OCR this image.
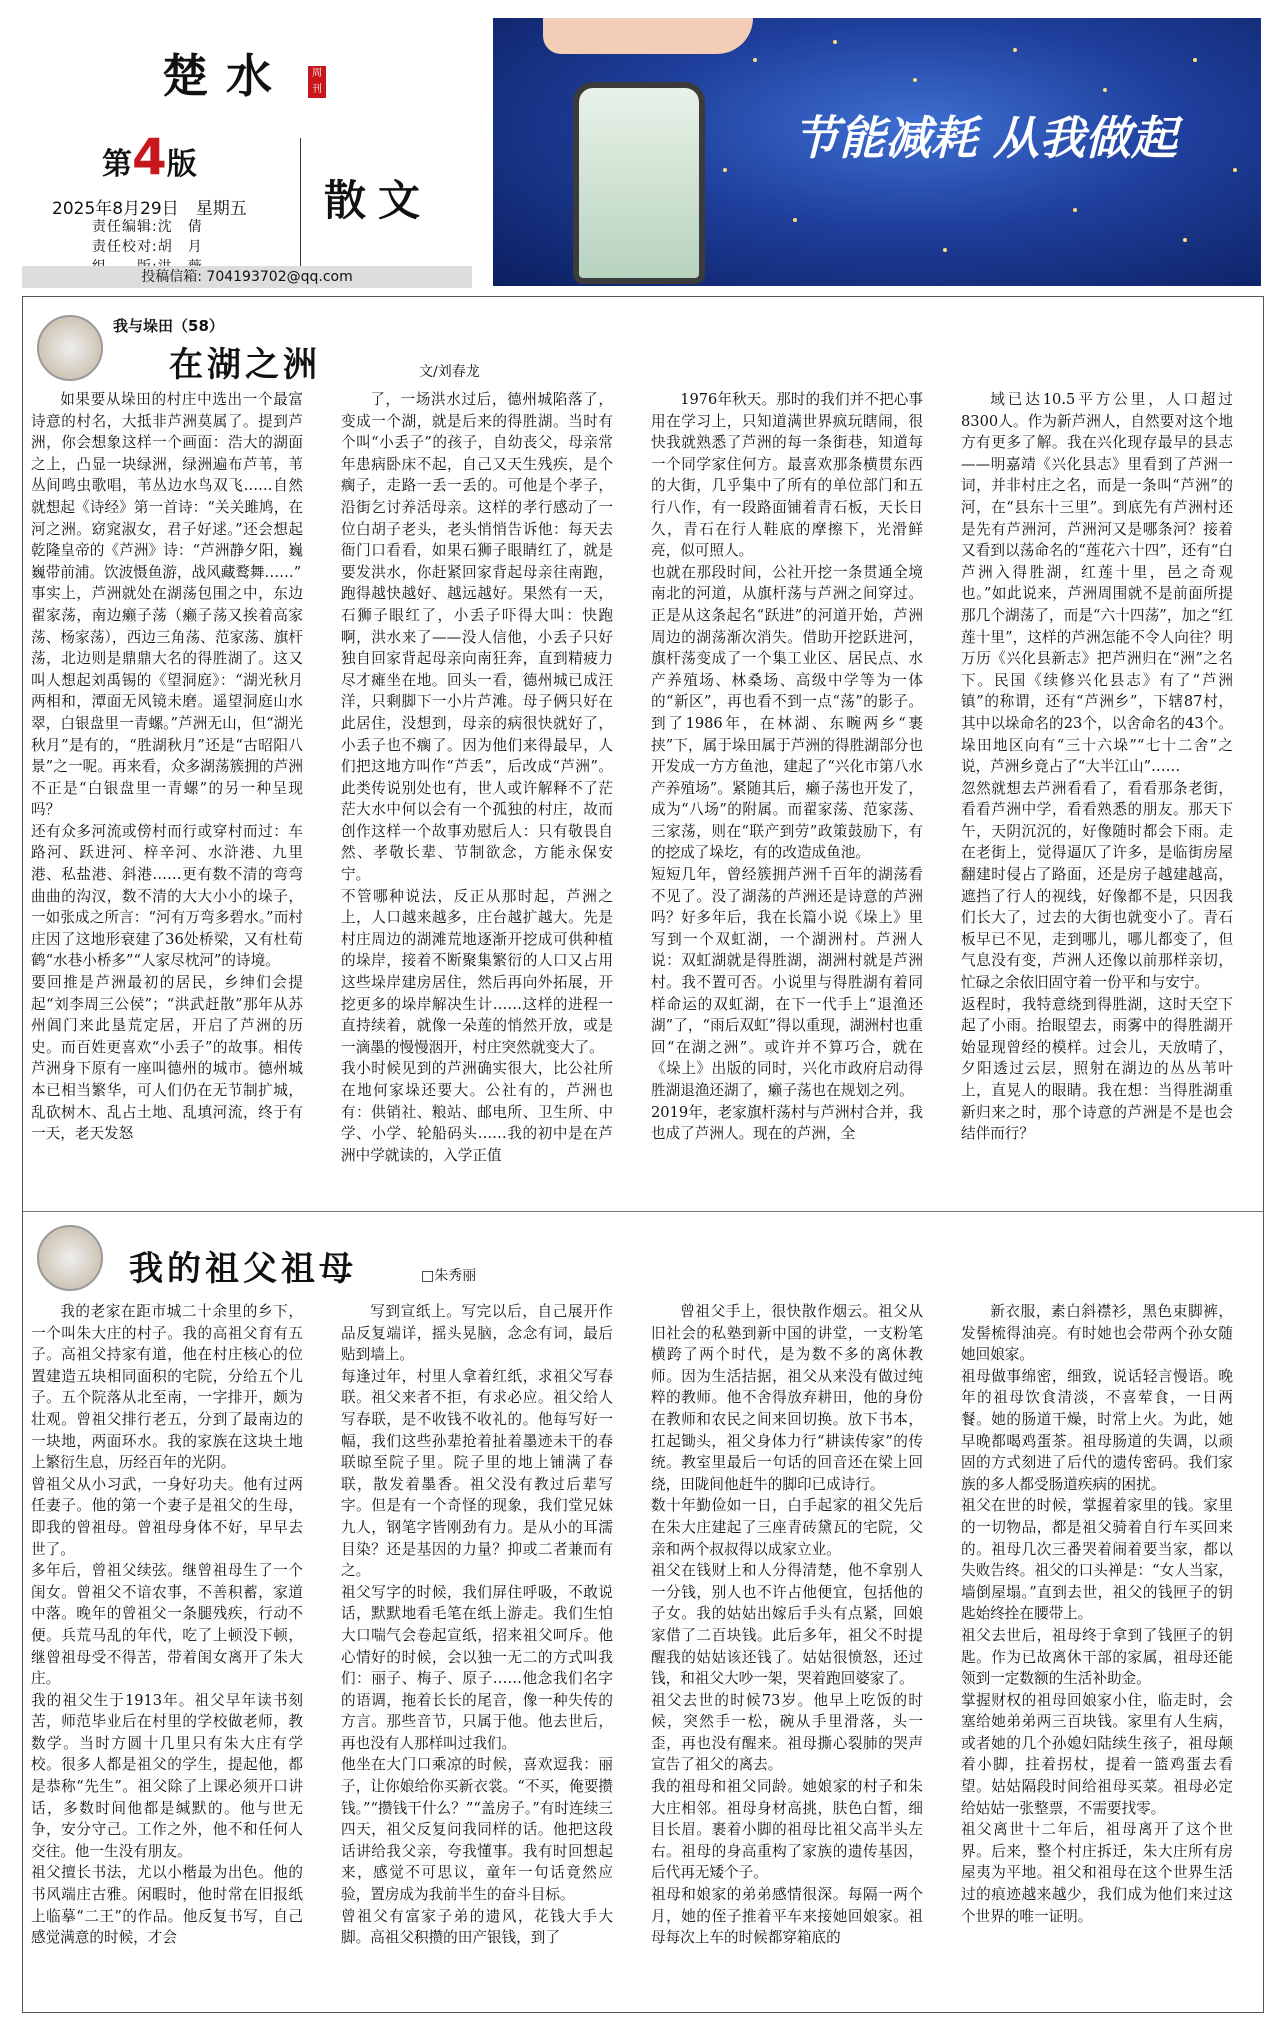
楚水	周刊
第4版
2025年8月29日　星期五
责任编辑:沈　倩
责任校对:胡　月
散文
投稿信箱: 704193702@qq.com
节能减耗 从我做起
我与垛田（58）
在湖之洲	文/刘春龙

如果要从垛田的村庄中选出一个最富诗意的村名，大抵非芦洲莫属了。提到芦洲，你会想象这样一个画面：浩大的湖面之上，凸显一块绿洲，绿洲遍布芦苇，苇丛间鸣虫歌唱，苇丛边水鸟双飞……自然就想起《诗经》第一首诗：“关关雎鸠，在河之洲。窈窕淑女，君子好逑。”还会想起乾隆皇帝的《芦洲》诗：“芦洲静夕阳，巍巍带前浦。饮波慑鱼游，战风藏鹜舞……”
事实上，芦洲就处在湖荡包围之中，东边翟家荡，南边癞子荡（癞子荡又挨着高家荡、杨家荡），西边三角荡、范家荡、旗杆荡，北边则是鼎鼎大名的得胜湖了。这又叫人想起刘禹锡的《望洞庭》：“湖光秋月两相和，潭面无风镜未磨。遥望洞庭山水翠，白银盘里一青螺。”芦洲无山，但“湖光秋月”是有的，“胜湖秋月”还是“古昭阳八景”之一呢。再来看，众多湖荡簇拥的芦洲不正是“白银盘里一青螺”的另一种呈现吗？
还有众多河流或傍村而行或穿村而过：车路河、跃进河、梓辛河、水浒港、九里港、私盐港、斜港……更有数不清的弯弯曲曲的沟汊，数不清的大大小小的垛子，一如张成之所言：“河有万弯多碧水。”而村庄因了这地形衰建了36处桥梁，又有杜荀鹤“水巷小桥多”“人家尽枕河”的诗境。
要回推是芦洲最初的居民，乡绅们会提起“刘李周三公侯”；“洪武赶散”那年从苏州阊门来此垦荒定居，开启了芦洲的历史。而百姓更喜欢“小丢子”的故事。相传芦洲身下原有一座叫德州的城市。德州城本已相当繁华，可人们仍在无节制扩城，乱砍树木、乱占土地、乱填河流，终于有一天，老天发怒

了，一场洪水过后，德州城陷落了，变成一个湖，就是后来的得胜湖。当时有个叫“小丢子”的孩子，自幼丧父，母亲常年患病卧床不起，自己又天生残疾，是个瘸子，走路一丢一丢的。可他是个孝子，沿街乞讨养活母亲。这样的孝行感动了一位白胡子老头，老头悄悄告诉他：每天去衙门口看看，如果石狮子眼睛红了，就是要发洪水，你赶紧回家背起母亲往南跑，跑得越快越好、越远越好。果然有一天，石狮子眼红了，小丢子吓得大叫：快跑啊，洪水来了——没人信他，小丢子只好独自回家背起母亲向南狂奔，直到精疲力尽才瘫坐在地。回头一看，德州城已成汪洋，只剩脚下一小片芦滩。母子俩只好在此居住，没想到，母亲的病很快就好了，小丢子也不瘸了。因为他们来得最早，人们把这地方叫作“芦丢”，后改成“芦洲”。此类传说别处也有，世人或许解释不了茫茫大水中何以会有一个孤独的村庄，故而创作这样一个故事劝慰后人：只有敬畏自然、孝敬长辈、节制欲念，方能永保安宁。
不管哪种说法，反正从那时起，芦洲之上，人口越来越多，庄台越扩越大。先是村庄周边的湖滩荒地逐渐开挖成可供种植的垛岸，接着不断聚集繁衍的人口又占用这些垛岸建房居住，然后再向外拓展，开挖更多的垛岸解决生计……这样的进程一直持续着，就像一朵莲的悄然开放，或是一滴墨的慢慢洇开，村庄突然就变大了。
我小时候见到的芦洲确实很大，比公社所在地何家垛还要大。公社有的，芦洲也有：供销社、粮站、邮电所、卫生所、中学、小学、轮船码头……我的初中是在芦洲中学就读的，入学正值

1976年秋天。那时的我们并不把心事用在学习上，只知道满世界疯玩瞎闹，很快我就熟悉了芦洲的每一条街巷，知道每一个同学家住何方。最喜欢那条横贯东西的大街，几乎集中了所有的单位部门和五行八作，有一段路面铺着青石板，天长日久，青石在行人鞋底的摩擦下，光滑鲜亮，似可照人。
也就在那段时间，公社开挖一条贯通全境南北的河道，从旗杆荡与芦洲之间穿过。正是从这条起名“跃进”的河道开始，芦洲周边的湖荡渐次消失。借助开挖跃进河，旗杆荡变成了一个集工业区、居民点、水产养殖场、林桑场、高级中学等为一体的“新区”，再也看不到一点“荡”的影子。到了1986年，在林湖、东畹两乡“裹挟”下，属于垛田属于芦洲的得胜湖部分也开发成一方方鱼池，建起了“兴化市第八水产养殖场”。紧随其后，癞子荡也开发了，成为“八场”的附属。而翟家荡、范家荡、三家荡，则在“联产到劳”政策鼓励下，有的挖成了垛圪，有的改造成鱼池。
短短几年，曾经簇拥芦洲千百年的湖荡看不见了。没了湖荡的芦洲还是诗意的芦洲吗？好多年后，我在长篇小说《垛上》里写到一个双虹湖，一个湖洲村。芦洲人说：双虹湖就是得胜湖，湖洲村就是芦洲村。我不置可否。小说里与得胜湖有着同样命运的双虹湖，在下一代手上“退渔还湖”了，“雨后双虹”得以重现，湖洲村也重回“在湖之洲”。或许并不算巧合，就在《垛上》出版的同时，兴化市政府启动得胜湖退渔还湖了，癞子荡也在规划之列。
2019年，老家旗杆荡村与芦洲村合并，我也成了芦洲人。现在的芦洲，全

域已达10.5平方公里，人口超过8300人。作为新芦洲人，自然要对这个地方有更多了解。我在兴化现存最早的县志——明嘉靖《兴化县志》里看到了芦洲一词，并非村庄之名，而是一条叫“芦洲”的河，在“县东十三里”。到底先有芦洲村还是先有芦洲河，芦洲河又是哪条河？接着又看到以荡命名的“莲花六十四”，还有“白芦洲入得胜湖，红莲十里，邑之奇观也。”如此说来，芦洲周围就不是前面所提那几个湖荡了，而是“六十四荡”，加之“红莲十里”，这样的芦洲怎能不令人向往？明万历《兴化县新志》把芦洲归在“洲”之名下。民国《续修兴化县志》有了“芦洲镇”的称谓，还有“芦洲乡”，下辖87村，其中以垛命名的23个，以舍命名的43个。垛田地区向有“三十六垛”“七十二舍”之说，芦洲乡竟占了“大半江山”……
忽然就想去芦洲看看了，看看那条老街，看看芦洲中学，看看熟悉的朋友。那天下午，天阴沉沉的，好像随时都会下雨。走在老街上，觉得逼仄了许多，是临街房屋翻建时侵占了路面，还是房子越建越高，遮挡了行人的视线，好像都不是，只因我们长大了，过去的大街也就变小了。青石板早已不见，走到哪儿，哪儿都变了，但气息没有变，芦洲人还像以前那样亲切，忙碌之余依旧固守着一份平和与安宁。
返程时，我特意绕到得胜湖，这时天空下起了小雨。抬眼望去，雨雾中的得胜湖开始显现曾经的模样。过会儿，天放晴了，夕阳透过云层，照射在湖边的丛丛苇叶上，直晃人的眼睛。我在想：当得胜湖重新归来之时，那个诗意的芦洲是不是也会结伴而行？

我的祖父祖母	□朱秀丽

我的老家在距市城二十余里的乡下，一个叫朱大庄的村子。我的高祖父育有五子。高祖父持家有道，他在村庄核心的位置建造五块相同面积的宅院，分给五个儿子。五个院落从北至南，一字排开，颇为壮观。曾祖父排行老五，分到了最南边的一块地，两面环水。我的家族在这块土地上繁衍生息，历经百年的光阴。
曾祖父从小习武，一身好功夫。他有过两任妻子。他的第一个妻子是祖父的生母，即我的曾祖母。曾祖母身体不好，早早去世了。
多年后，曾祖父续弦。继曾祖母生了一个闺女。曾祖父不谙农事，不善积蓄，家道中落。晚年的曾祖父一条腿残疾，行动不便。兵荒马乱的年代，吃了上顿没下顿，继曾祖母受不得苦，带着闺女离开了朱大庄。
我的祖父生于1913年。祖父早年读书刻苦，师范毕业后在村里的学校做老师，教数学。当时方圆十几里只有朱大庄有学校。很多人都是祖父的学生，提起他，都是恭称“先生”。祖父除了上课必须开口讲话，多数时间他都是缄默的。他与世无争，安分守己。工作之外，他不和任何人交往。他一生没有朋友。
祖父擅长书法，尤以小楷最为出色。他的书风端庄古雅。闲暇时，他时常在旧报纸上临摹“二王”的作品。他反复书写，自己感觉满意的时候，才会

写到宣纸上。写完以后，自己展开作品反复端详，摇头晃脑，念念有词，最后贴到墙上。
每逢过年，村里人拿着红纸，求祖父写春联。祖父来者不拒，有求必应。祖父给人写春联，是不收钱不收礼的。他每写好一幅，我们这些孙辈抢着扯着墨迹未干的春联晾至院子里。院子里的地上铺满了春联，散发着墨香。祖父没有教过后辈写字。但是有一个奇怪的现象，我们堂兄妹九人，钢笔字皆刚劲有力。是从小的耳濡目染？还是基因的力量？抑或二者兼而有之。
祖父写字的时候，我们屏住呼吸，不敢说话，默默地看毛笔在纸上游走。我们生怕大口喘气会卷起宣纸，招来祖父呵斥。他心情好的时候，会以独一无二的方式叫我们：丽子、梅子、原子……他念我们名字的语调，拖着长长的尾音，像一种失传的方言。那些音节，只属于他。他去世后，再也没有人那样叫过我们。
他坐在大门口乘凉的时候，喜欢逗我：丽子，让你娘给你买新衣裳。“不买，俺要攒钱。”“攒钱干什么？”“盖房子。”有时连续三四天，祖父反复问我同样的话。他把这段话讲给我父亲，夸我懂事。我有时回想起来，感觉不可思议，童年一句话竟然应验，置房成为我前半生的奋斗目标。
曾祖父有富家子弟的遗风，花钱大手大脚。高祖父积攒的田产银钱，到了

曾祖父手上，很快散作烟云。祖父从旧社会的私塾到新中国的讲堂，一支粉笔横跨了两个时代，是为数不多的离休教师。因为生活拮据，祖父从来没有做过纯粹的教师。他不舍得放弃耕田，他的身份在教师和农民之间来回切换。放下书本，扛起锄头，祖父身体力行“耕读传家”的传统。教室里最后一句话的回音还在梁上回绕，田陇间他赶牛的脚印已成诗行。
数十年勤俭如一日，白手起家的祖父先后在朱大庄建起了三座青砖黛瓦的宅院，父亲和两个叔叔得以成家立业。
祖父在钱财上和人分得清楚，他不拿别人一分钱，别人也不许占他便宜，包括他的子女。我的姑姑出嫁后手头有点紧，回娘家借了二百块钱。此后多年，祖父不时提醒我的姑姑该还钱了。姑姑很愤怒，还过钱，和祖父大吵一架，哭着跑回婆家了。
祖父去世的时候73岁。他早上吃饭的时候，突然手一松，碗从手里滑落，头一歪，再也没有醒来。祖母撕心裂肺的哭声宣告了祖父的离去。
我的祖母和祖父同龄。她娘家的村子和朱大庄相邻。祖母身材高挑，肤色白皙，细目长眉。裹着小脚的祖母比祖父高半头左右。祖母的身高重构了家族的遗传基因，后代再无矮个子。
祖母和娘家的弟弟感情很深。每隔一两个月，她的侄子推着平车来接她回娘家。祖母每次上车的时候都穿箱底的

新衣服，素白斜襟衫，黑色束脚裤，发髻梳得油亮。有时她也会带两个孙女随她回娘家。
祖母做事绵密，细致，说话轻言慢语。晚年的祖母饮食清淡，不喜荤食，一日两餐。她的肠道干燥，时常上火。为此，她早晚都喝鸡蛋茶。祖母肠道的失调，以顽固的方式刻进了后代的遗传密码。我们家族的多人都受肠道疾病的困扰。
祖父在世的时候，掌握着家里的钱。家里的一切物品，都是祖父骑着自行车买回来的。祖母几次三番哭着闹着要当家，都以失败告终。祖父的口头禅是：“女人当家，墙倒屋塌。”直到去世，祖父的钱匣子的钥匙始终拴在腰带上。
祖父去世后，祖母终于拿到了钱匣子的钥匙。作为已故离休干部的家属，祖母还能领到一定数额的生活补助金。
掌握财权的祖母回娘家小住，临走时，会塞给她弟弟两三百块钱。家里有人生病，或者她的几个孙媳妇陆续生孩子，祖母颠着小脚，拄着拐杖，提着一篮鸡蛋去看望。姑姑隔段时间给祖母买菜。祖母必定给姑姑一张整票，不需要找零。
祖父离世十二年后，祖母离开了这个世界。后来，整个村庄拆迁，朱大庄所有房屋夷为平地。祖父和祖母在这个世界生活过的痕迹越来越少，我们成为他们来过这个世界的唯一证明。
